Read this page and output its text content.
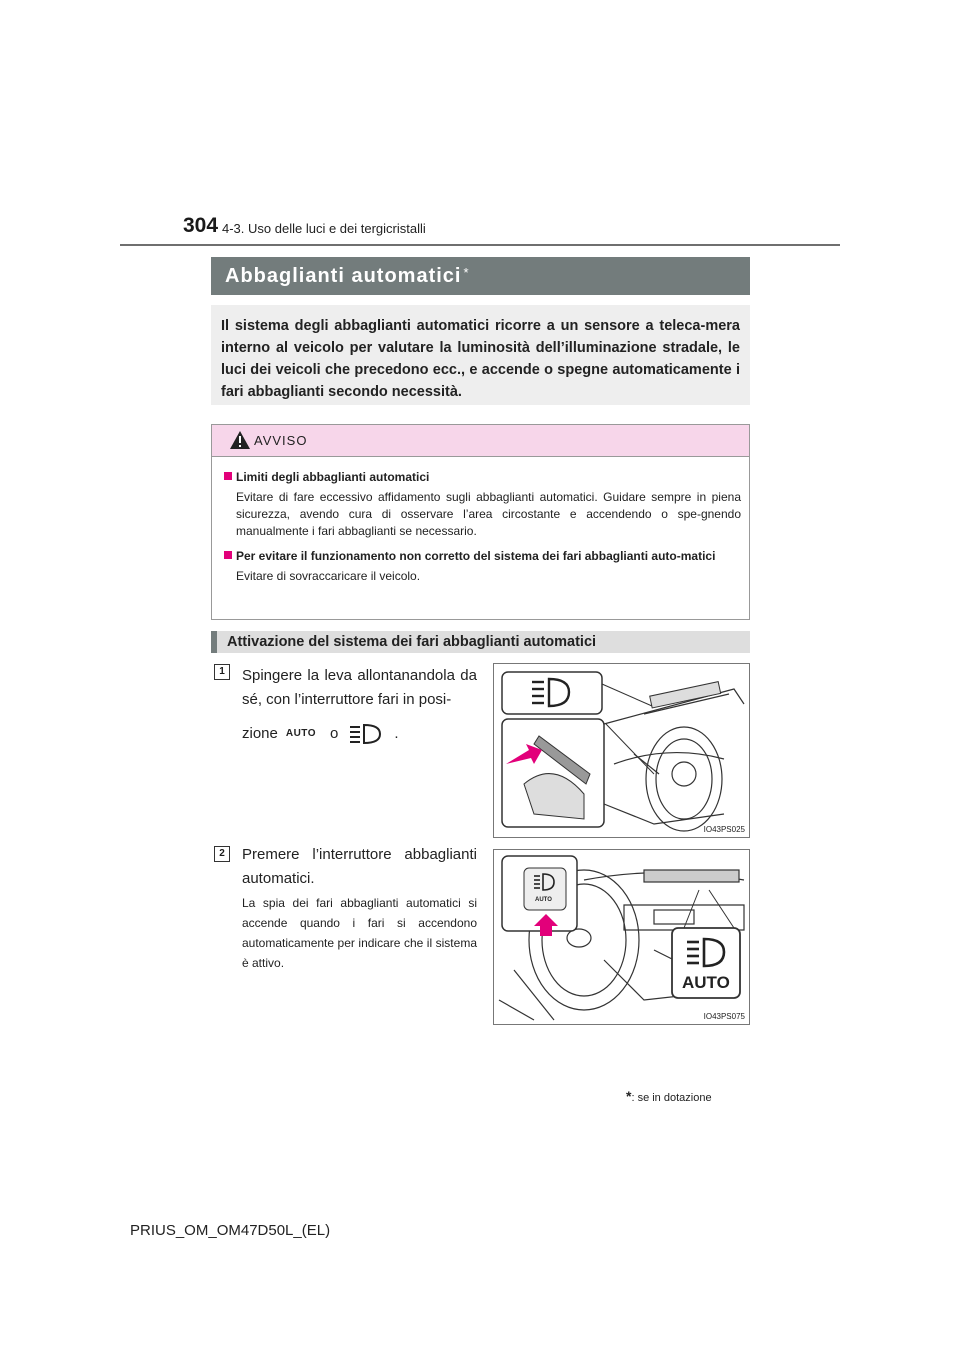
304 4-3. Uso delle luci e dei tergicristalli
Abbaglianti automatici *

Il sistema degli abbaglianti automatici ricorre a un sensore a teleca-mera interno al veicolo per valutare la luminosità dell’illuminazione stradale, le luci dei veicoli che precedono ecc., e accende o spegne automaticamente i fari abbaglianti secondo necessità.

AVVISO
Limiti degli abbaglianti automatici
Evitare di fare eccessivo affidamento sugli abbaglianti automatici. Guidare sempre in piena sicurezza, avendo cura di osservare l’area circostante e accendendo o spe-gnendo manualmente i fari abbaglianti se necessario.
Per evitare il funzionamento non corretto del sistema dei fari abbaglianti auto-matici
Evitare di sovraccaricare il veicolo.
Attivazione del sistema dei fari abbaglianti automatici
1	Spingere la leva allontanandola da sé, con l’interruttore fari in posi-
zione AUTO o	.
IO43PS025
2	Premere l’interruttore abbaglianti automatici.
La spia dei fari abbaglianti automatici si accende quando i fari si accendono automaticamente per indicare che il sistema è attivo.
AUTO
AUTO
IO43PS075
*: se in dotazione
PRIUS_OM_OM47D50L_(EL)
